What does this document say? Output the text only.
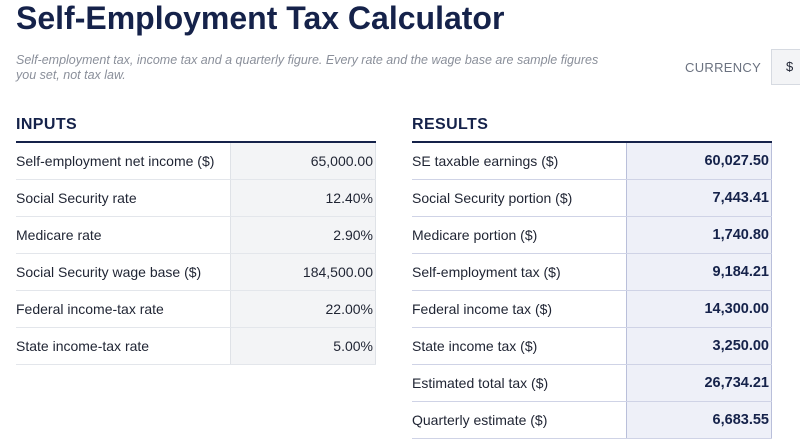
Self-Employment Tax Calculator

Self-employment tax, income tax and a quarterly figure. Every rate and the wage base are sample figures you set, not tax law.	CURRENCY	$
INPUTS
Self-employment net income ($)	65,000.00
Social Security rate	12.40%
Medicare rate	2.90%
Social Security wage base ($)	184,500.00
Federal income-tax rate	22.00%
State income-tax rate	5.00%
RESULTS
SE taxable earnings ($)	60,027.50
Social Security portion ($)	7,443.41
Medicare portion ($)	1,740.80
Self-employment tax ($)	9,184.21
Federal income tax ($)	14,300.00
State income tax ($)	3,250.00
Estimated total tax ($)	26,734.21
Quarterly estimate ($)	6,683.55
